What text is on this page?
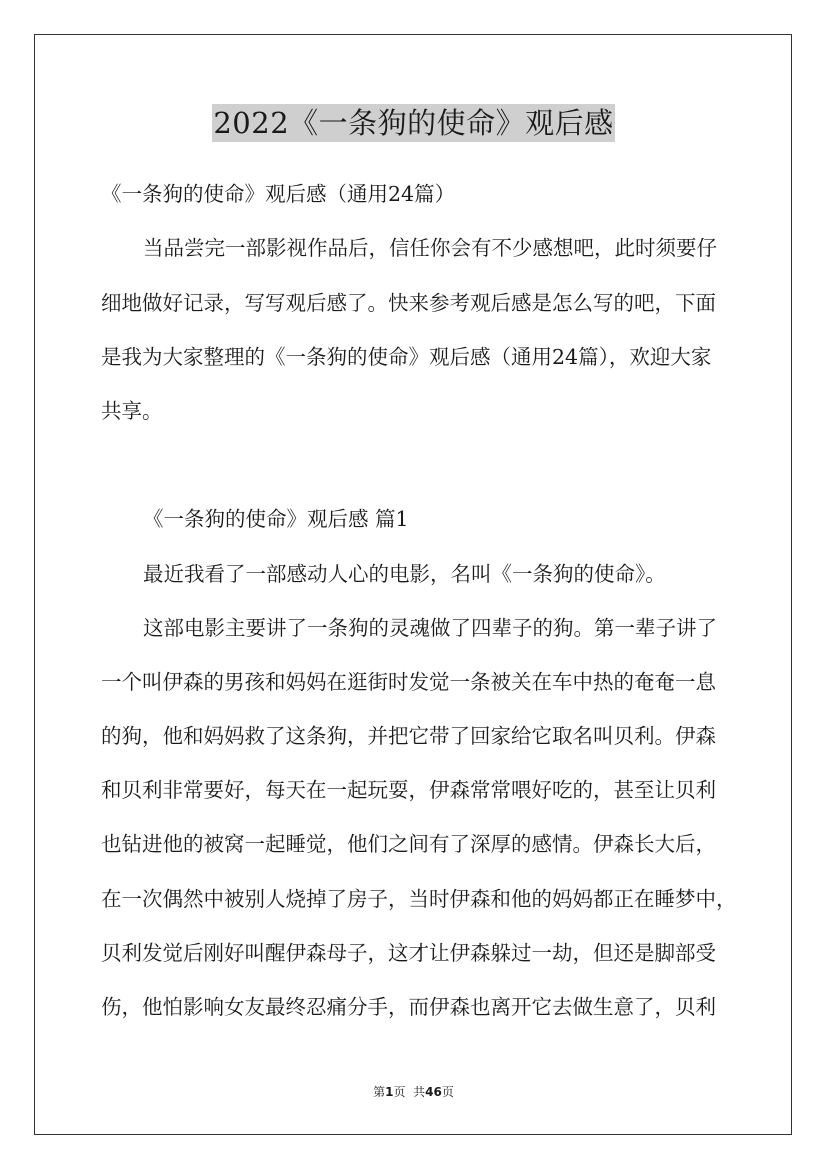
2022《一条狗的使命》观后感
《一条狗的使命》观后感（通用24篇）
当品尝完一部影视作品后，信任你会有不少感想吧，此时须要仔
细地做好记录，写写观后感了。快来参考观后感是怎么写的吧，下面
是我为大家整理的《一条狗的使命》观后感（通用24篇），欢迎大家
共享。
《一条狗的使命》观后感 篇1
最近我看了一部感动人心的电影，名叫《一条狗的使命》。
这部电影主要讲了一条狗的灵魂做了四辈子的狗。第一辈子讲了
一个叫伊森的男孩和妈妈在逛街时发觉一条被关在车中热的奄奄一息
的狗，他和妈妈救了这条狗，并把它带了回家给它取名叫贝利。伊森
和贝利非常要好，每天在一起玩耍，伊森常常喂好吃的，甚至让贝利
也钻进他的被窝一起睡觉，他们之间有了深厚的感情。伊森长大后，
在一次偶然中被别人烧掉了房子，当时伊森和他的妈妈都正在睡梦中，
贝利发觉后刚好叫醒伊森母子，这才让伊森躲过一劫，但还是脚部受
伤，他怕影响女友最终忍痛分手，而伊森也离开它去做生意了，贝利
第1页 共46页
